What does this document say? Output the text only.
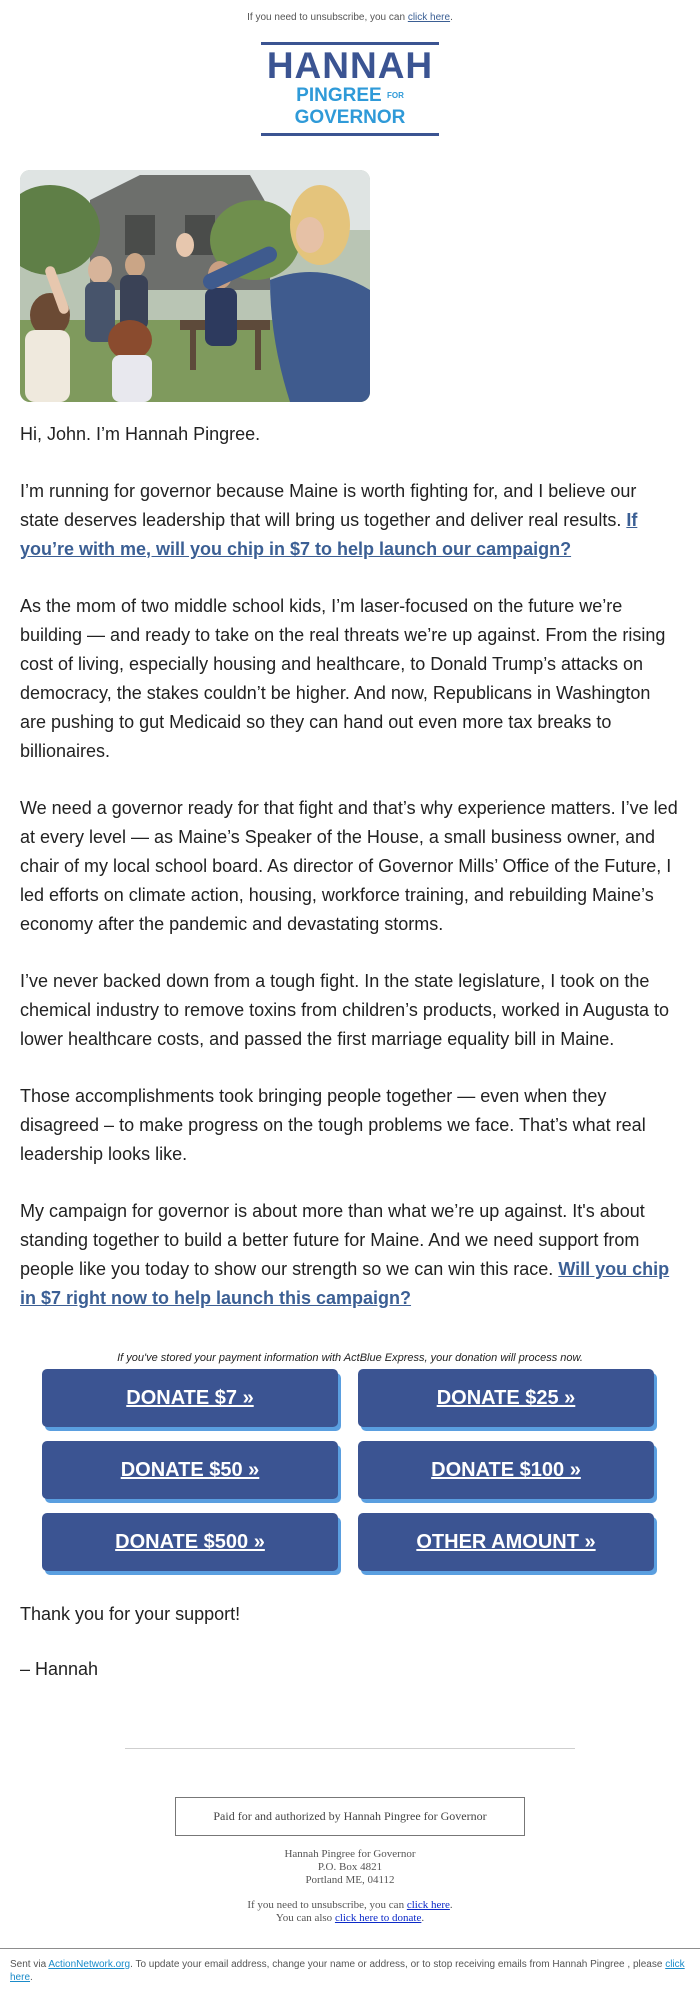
If you need to unsubscribe, you can click here.
HANNAH
PINGREE FOR GOVERNOR

Hi, John. I’m Hannah Pingree.

I’m running for governor because Maine is worth fighting for, and I believe our state deserves leadership that will bring us together and deliver real results. If you’re with me, will you chip in $7 to help launch our campaign?

As the mom of two middle school kids, I’m laser-focused on the future we’re building — and ready to take on the real threats we’re up against. From the rising cost of living, especially housing and healthcare, to Donald Trump’s attacks on democracy, the stakes couldn’t be higher. And now, Republicans in Washington are pushing to gut Medicaid so they can hand out even more tax breaks to billionaires.

We need a governor ready for that fight and that’s why experience matters. I’ve led at every level — as Maine’s Speaker of the House, a small business owner, and chair of my local school board. As director of Governor Mills’ Office of the Future, I led efforts on climate action, housing, workforce training, and rebuilding Maine’s economy after the pandemic and devastating storms.

I’ve never backed down from a tough fight. In the state legislature, I took on the chemical industry to remove toxins from children’s products, worked in Augusta to lower healthcare costs, and passed the first marriage equality bill in Maine.

Those accomplishments took bringing people together — even when they disagreed – to make progress on the tough problems we face. That’s what real leadership looks like.

My campaign for governor is about more than what we’re up against. It's about standing together to build a better future for Maine. And we need support from people like you today to show our strength so we can win this race. Will you chip in $7 right now to help launch this campaign?

If you've stored your payment information with ActBlue Express, your donation will process now.
DONATE $7 »	DONATE $25 »
DONATE $50 »	DONATE $100 »
DONATE $500 »	OTHER AMOUNT »

Thank you for your support!

– Hannah

Paid for and authorized by Hannah Pingree for Governor
Hannah Pingree for Governor
P.O. Box 4821
Portland ME, 04112
If you need to unsubscribe, you can click here.
You can also click here to donate.
Sent via ActionNetwork.org. To update your email address, change your name or address, or to stop receiving emails from Hannah Pingree , please click here.
